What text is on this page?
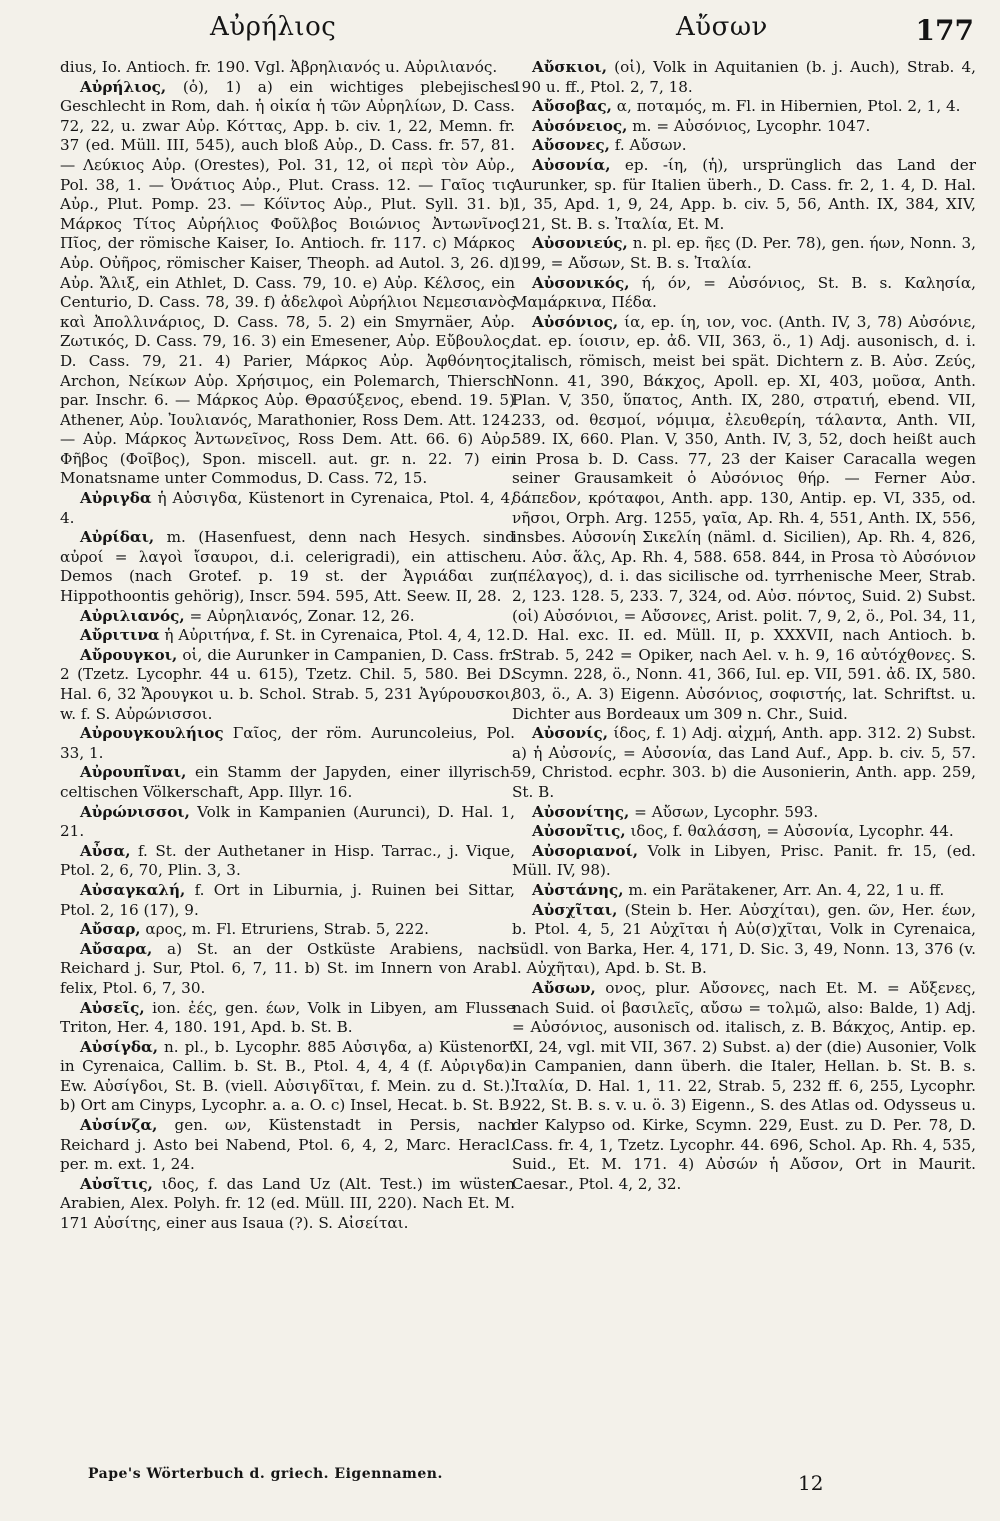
Αὐρήλιος	Αὔσων	177

dius, Io. Antioch. fr. 190. Vgl. Ἀβρηλιανός u. Αὐριλιανός.

Αὐρήλιος, (ὁ), 1) a) ein wichtiges plebejisches Geschlecht in Rom, dah. ἡ οἰκία ἡ τῶν Αὐρηλίων, D. Cass. 72, 22, u. zwar Αὐρ. Κόττας, App. b. civ. 1, 22, Memn. fr. 37 (ed. Müll. III, 545), auch bloß Αὐρ., D. Cass. fr. 57, 81. — Λεύκιος Αὐρ. (Orestes), Pol. 31, 12, οἱ περὶ τὸν Αὐρ., Pol. 38, 1. — Ὀνάτιος Αὐρ., Plut. Crass. 12. — Γαῖος τις Αὐρ., Plut. Pomp. 23. — Κόϊντος Αὐρ., Plut. Syll. 31. b) Μάρκος Τίτος Αὐρήλιος Φοῦλβος Βοιώνιος Ἀντωνῖνος Πῖος, der römische Kaiser, Io. Antioch. fr. 117. c) Μάρκος Αὐρ. Οὐῆρος, römischer Kaiser, Theoph. ad Autol. 3, 26. d) Αὐρ. Ἄλιξ, ein Athlet, D. Cass. 79, 10. e) Αὐρ. Κέλσος, ein Centurio, D. Cass. 78, 39. f) ἀδελφοὶ Αὐρήλιοι Νεμεσιανὸς καὶ Ἀπολλινάριος, D. Cass. 78, 5. 2) ein Smyrnäer, Αὐρ. Ζωτικός, D. Cass. 79, 16. 3) ein Emesener, Αὐρ. Εὔβουλος, D. Cass. 79, 21. 4) Parier, Μάρκος Αὐρ. Ἀφθόνητος, Archon, Νείκων Αὐρ. Χρήσιμος, ein Polemarch, Thiersch par. Inschr. 6. — Μάρκος Αὐρ. Θρασύξενος, ebend. 19. 5) Athener, Αὐρ. Ἰουλιανός, Marathonier, Ross Dem. Att. 124. — Αὐρ. Μάρκος Ἀντωνεῖνος, Ross Dem. Att. 66. 6) Αὐρ. Φῆβος (Φοῖβος), Spon. miscell. aut. gr. n. 22. 7) ein Monatsname unter Commodus, D. Cass. 72, 15.

Αὐριγδα ἡ Αὐσιγδα, Küstenort in Cyrenaica, Ptol. 4, 4, 4.

Αὐρίδαι, m. (Hasenfuest, denn nach Hesych. sind αὐροί = λαγοὶ ἴσαυροι, d.i. celerigradi), ein attischer Demos (nach Grotef. p. 19 st. der Ἀγριάδαι zur Hippothoontis gehörig), Inscr. 594. 595, Att. Seew. II, 28.

Αὐριλιανός, = Αὐρηλιανός, Zonar. 12, 26.

Αὔριτινα ἡ Αὐριτήνα, f. St. in Cyrenaica, Ptol. 4, 4, 12.

Αὔρουγκοι, οἱ, die Aurunker in Campanien, D. Cass. fr. 2 (Tzetz. Lycophr. 44 u. 615), Tzetz. Chil. 5, 580. Bei D. Hal. 6, 32 Ἄρουγκοι u. b. Schol. Strab. 5, 231 Ἀγύρουσκοι, w. f. S. Αὐρώνισσοι.

Αὐρουγκουλήιος Γαῖος, der röm. Auruncoleius, Pol. 33, 1.

Αὐρουπῖναι, ein Stamm der Japyden, einer illyrisch-celtischen Völkerschaft, App. Illyr. 16.

Αὐρώνισσοι, Volk in Kampanien (Aurunci), D. Hal. 1, 21.

Αὖσα, f. St. der Authetaner in Hisp. Tarrac., j. Vique, Ptol. 2, 6, 70, Plin. 3, 3.

Αὐσαγκαλή, f. Ort in Liburnia, j. Ruinen bei Sittar, Ptol. 2, 16 (17), 9.

Αὔσαρ, αρος, m. Fl. Etruriens, Strab. 5, 222.

Αὔσαρα, a) St. an der Ostküste Arabiens, nach Reichard j. Sur, Ptol. 6, 7, 11. b) St. im Innern von Arab. felix, Ptol. 6, 7, 30.

Αὐσεῖς, ion. ἐές, gen. έων, Volk in Libyen, am Flusse Triton, Her. 4, 180. 191, Apd. b. St. B.

Αὐσίγδα, n. pl., b. Lycophr. 885 Αὐσιγδα, a) Küstenort in Cyrenaica, Callim. b. St. B., Ptol. 4, 4, 4 (f. Αὐριγδα). Ew. Αὐσίγδοι, St. B. (viell. Αὐσιγδῖται, f. Mein. zu d. St.). b) Ort am Cinyps, Lycophr. a. a. O. c) Insel, Hecat. b. St. B.

Αὐσίνζα, gen. ων, Küstenstadt in Persis, nach Reichard j. Asto bei Nabend, Ptol. 6, 4, 2, Marc. Heracl. per. m. ext. 1, 24.

Αὐσῖτις, ιδος, f. das Land Uz (Alt. Test.) im wüsten Arabien, Alex. Polyh. fr. 12 (ed. Müll. III, 220). Nach Et. M. 171 Αὐσίτης, einer aus Isaua (?). S. Αἰσείται.

Αὔσκιοι, (οἱ), Volk in Aquitanien (b. j. Auch), Strab. 4, 190 u. ff., Ptol. 2, 7, 18.

Αὔσοβας, α, ποταμός, m. Fl. in Hibernien, Ptol. 2, 1, 4.

Αὐσόνειος, m. = Αὐσόνιος, Lycophr. 1047.

Αὔσονες, f. Αὔσων.

Αὐσονία, ep. -ίη, (ἡ), ursprünglich das Land der Aurunker, sp. für Italien überh., D. Cass. fr. 2, 1. 4, D. Hal. 1, 35, Apd. 1, 9, 24, App. b. civ. 5, 56, Anth. IX, 384, XIV, 121, St. B. s. Ἰταλία, Et. M.

Αὐσονιεύς, n. pl. ep. ῆες (D. Per. 78), gen. ήων, Nonn. 3, 199, = Αὔσων, St. B. s. Ἰταλία.

Αὐσονικός, ή, όν, = Αὐσόνιος, St. B. s. Καλησία, Μαμάρκινα, Πέδα.

Αὐσόνιος, ία, ep. ίη, ιον, voc. (Anth. IV, 3, 78) Αὐσόνιε, dat. ep. ίοισιν, ep. ἀδ. VII, 363, ö., 1) Adj. ausonisch, d. i. italisch, römisch, meist bei spät. Dichtern z. B. Αὐσ. Ζεύς, Nonn. 41, 390, Βάκχος, Apoll. ep. XI, 403, μοῦσα, Anth. Plan. V, 350, ὕπατος, Anth. IX, 280, στρατιή, ebend. VII, 233, od. θεσμοί, νόμιμα, ἐλευθερίη, τάλαντα, Anth. VII, 589. IX, 660. Plan. V, 350, Anth. IV, 3, 52, doch heißt auch in Prosa b. D. Cass. 77, 23 der Kaiser Caracalla wegen seiner Grausamkeit ὁ Αὐσόνιος θήρ. — Ferner Αὐσ. δάπεδον, κρόταφοι, Anth. app. 130, Antip. ep. VI, 335, od. νῆσοι, Orph. Arg. 1255, γαῖα, Ap. Rh. 4, 551, Anth. IX, 556, insbes. Αὐσονίη Σικελίη (näml. d. Sicilien), Ap. Rh. 4, 826, u. Αὐσ. ἅλς, Ap. Rh. 4, 588. 658. 844, in Prosa τὸ Αὐσόνιον (πέλαγος), d. i. das sicilische od. tyrrhenische Meer, Strab. 2, 123. 128. 5, 233. 7, 324, od. Αὐσ. πόντος, Suid. 2) Subst. (οἱ) Αὐσόνιοι, = Αὔσονες, Arist. polit. 7, 9, 2, ö., Pol. 34, 11, D. Hal. exc. II. ed. Müll. II, p. XXXVII, nach Antioch. b. Strab. 5, 242 = Opiker, nach Ael. v. h. 9, 16 αὐτόχθονες. S. Scymn. 228, ö., Nonn. 41, 366, Iul. ep. VII, 591. ἀδ. IX, 580. 803, ö., A. 3) Eigenn. Αὐσόνιος, σοφιστής, lat. Schriftst. u. Dichter aus Bordeaux um 309 n. Chr., Suid.

Αὐσονίς, ίδος, f. 1) Adj. αἰχμή, Anth. app. 312. 2) Subst. a) ἡ Αὐσονίς, = Αὐσονία, das Land Auf., App. b. civ. 5, 57. 59, Christod. ecphr. 303. b) die Ausonierin, Anth. app. 259, St. B.

Αὐσονίτης, = Αὔσων, Lycophr. 593.

Αὐσονῖτις, ιδος, f. θαλάσση, = Αὐσονία, Lycophr. 44.

Αὐσοριανοί, Volk in Libyen, Prisc. Panit. fr. 15, (ed. Müll. IV, 98).

Αὐστάνης, m. ein Parätakener, Arr. An. 4, 22, 1 u. ff.

Αὐσχῖται, (Stein b. Her. Αὐσχίται), gen. ῶν, Her. έων, b. Ptol. 4, 5, 21 Αὐχῖται ἡ Αὐ(σ)χῖται, Volk in Cyrenaica, südl. von Barka, Her. 4, 171, D. Sic. 3, 49, Nonn. 13, 376 (v. l. Αὐχῆται), Apd. b. St. B.

Αὔσων, ονος, plur. Αὔσονες, nach Et. M. = Αὔξενες, nach Suid. οἱ βασιλεῖς, αὔσω = τολμῶ, also: Balde, 1) Adj. = Αὐσόνιος, ausonisch od. italisch, z. B. Βάκχος, Antip. ep. XI, 24, vgl. mit VII, 367. 2) Subst. a) der (die) Ausonier, Volk in Campanien, dann überh. die Italer, Hellan. b. St. B. s. Ἰταλία, D. Hal. 1, 11. 22, Strab. 5, 232 ff. 6, 255, Lycophr. 922, St. B. s. v. u. ö. 3) Eigenn., S. des Atlas od. Odysseus u. der Kalypso od. Kirke, Scymn. 229, Eust. zu D. Per. 78, D. Cass. fr. 4, 1, Tzetz. Lycophr. 44. 696, Schol. Ap. Rh. 4, 535, Suid., Et. M. 171. 4) Αὐσών ἡ Αὔσον, Ort in Maurit. Caesar., Ptol. 4, 2, 32.

Pape's Wörterbuch d. griech. Eigennamen.	12
